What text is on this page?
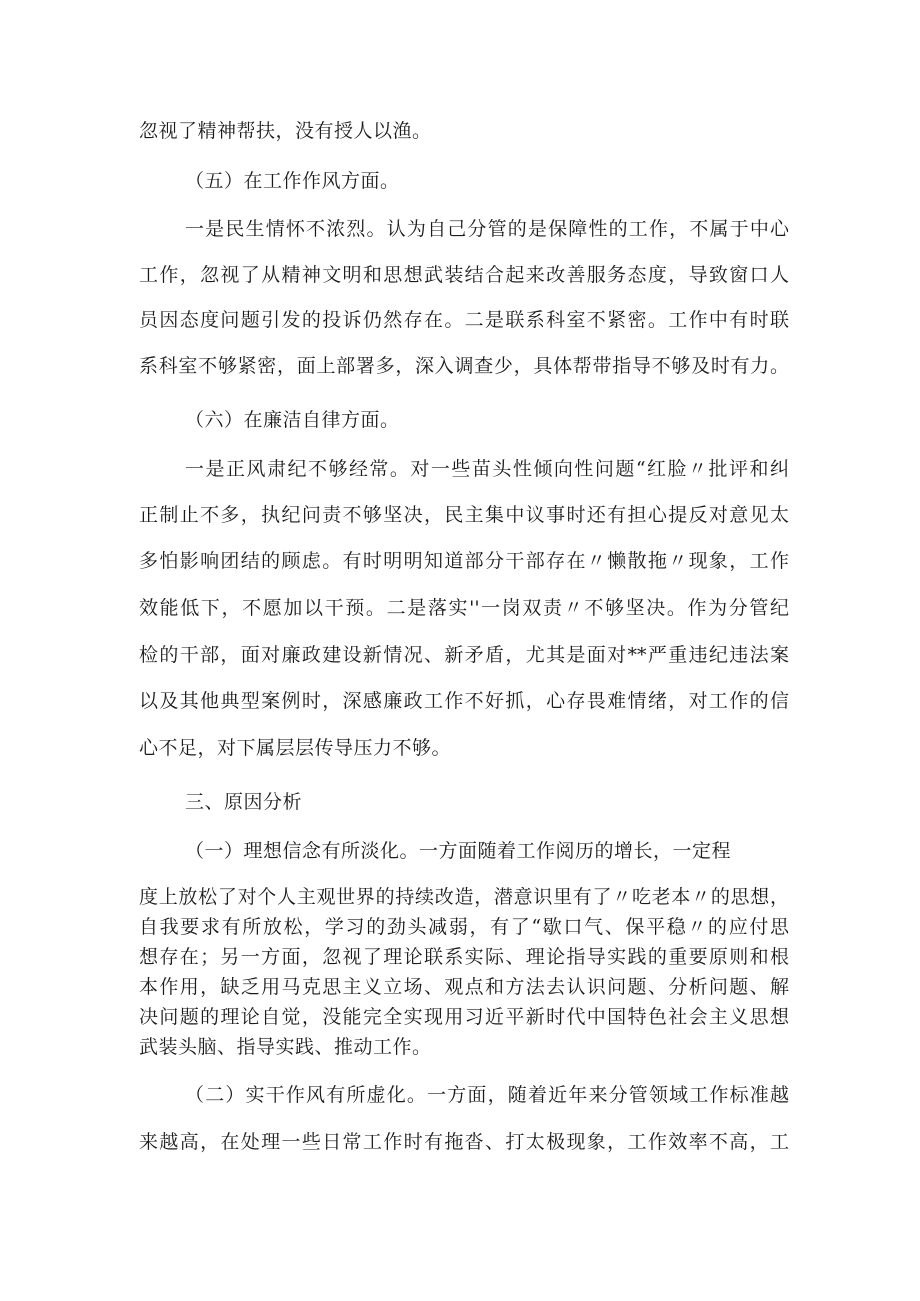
忽视了精神帮扶，没有授人以渔。

（五）在工作作风方面。

一是民生情怀不浓烈。认为自己分管的是保障性的工作，不属于中心

工作，忽视了从精神文明和思想武装结合起来改善服务态度，导致窗口人

员因态度问题引发的投诉仍然存在。二是联系科室不紧密。工作中有时联

系科室不够紧密，面上部署多，深入调查少，具体帮带指导不够及时有力。

（六）在廉洁自律方面。

一是正风肃纪不够经常。对一些苗头性倾向性问题“红脸〃批评和纠

正制止不多，执纪问责不够坚决，民主集中议事时还有担心提反对意见太

多怕影响团结的顾虑。有时明明知道部分干部存在〃懒散拖〃现象，工作

效能低下，不愿加以干预。二是落实''一岗双责〃不够坚决。作为分管纪

检的干部，面对廉政建设新情况、新矛盾，尤其是面对**严重违纪违法案

以及其他典型案例时，深感廉政工作不好抓，心存畏难情绪，对工作的信

心不足，对下属层层传导压力不够。

三、原因分析

（一）理想信念有所淡化。一方面随着工作阅历的增长，一定程

度上放松了对个人主观世界的持续改造，潜意识里有了〃吃老本〃的思想，

自我要求有所放松，学习的劲头减弱，有了“歇口气、保平稳〃的应付思

想存在；另一方面，忽视了理论联系实际、理论指导实践的重要原则和根

本作用，缺乏用马克思主义立场、观点和方法去认识问题、分析问题、解

决问题的理论自觉，没能完全实现用习近平新时代中国特色社会主义思想

武装头脑、指导实践、推动工作。

（二）实干作风有所虚化。一方面，随着近年来分管领域工作标准越

来越高，在处理一些日常工作时有拖沓、打太极现象，工作效率不高，工
